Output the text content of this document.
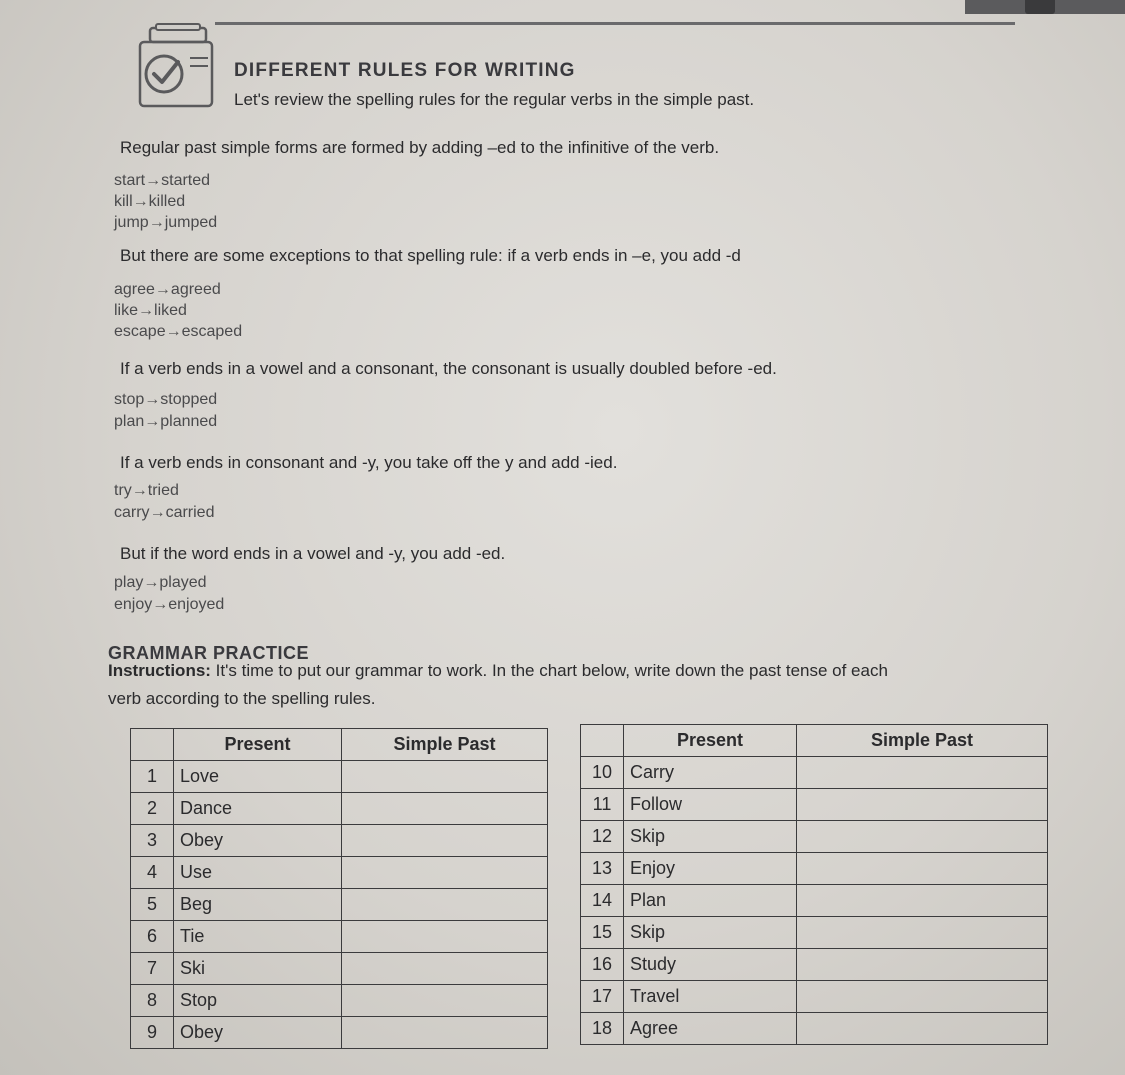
DIFFERENT RULES FOR WRITING
Let's review the spelling rules for the regular verbs in the simple past.
Regular past simple forms are formed by adding –ed to the infinitive of the verb.
start→started
kill→killed
jump→jumped
But there are some exceptions to that spelling rule: if a verb ends in –e, you add -d
agree→agreed
like→liked
escape→escaped
If a verb ends in a vowel and a consonant, the consonant is usually doubled before -ed.
stop→stopped
plan→planned
If a verb ends in consonant and -y, you take off the y and add -ied.
try→tried
carry→carried
But if the word ends in a vowel and -y, you add -ed.
play→played
enjoy→enjoyed
GRAMMAR PRACTICE
Instructions: It's time to put our grammar to work. In the chart below, write down the past tense of each
verb according to the spelling rules.
	Present	Simple Past
1	Love	
2	Dance	
3	Obey	
4	Use	
5	Beg	
6	Tie	
7	Ski	
8	Stop	
9	Obey	
	Present	Simple Past
10	Carry	
11	Follow	
12	Skip	
13	Enjoy	
14	Plan	
15	Skip	
16	Study	
17	Travel	
18	Agree	
